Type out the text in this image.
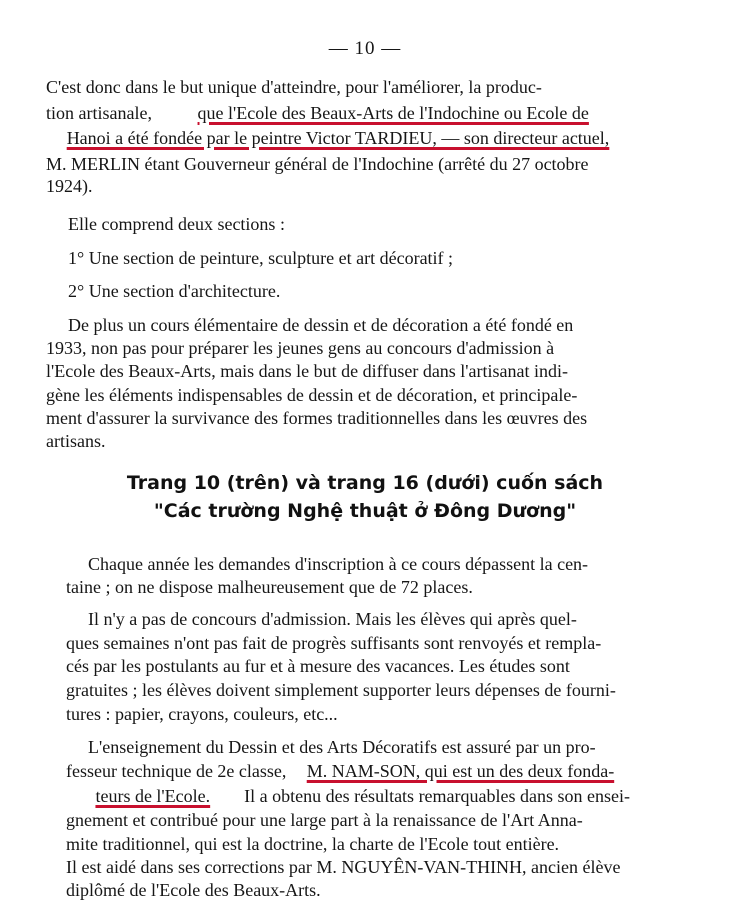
— 10 —
C'est donc dans le but unique d'atteindre, pour l'améliorer, la produc-
tion artisanale, que l'Ecole des Beaux-Arts de l'Indochine ou Ecole de
Hanoi a été fondée par le peintre Victor TARDIEU, — son directeur actuel,
M. MERLIN étant Gouverneur général de l'Indochine (arrêté du 27 octobre
1924).
Elle comprend deux sections :
1° Une section de peinture, sculpture et art décoratif ;
2° Une section d'architecture.
De plus un cours élémentaire de dessin et de décoration a été fondé en
1933, non pas pour préparer les jeunes gens au concours d'admission à
l'Ecole des Beaux-Arts, mais dans le but de diffuser dans l'artisanat indi-
gène les éléments indispensables de dessin et de décoration, et principale-
ment d'assurer la survivance des formes traditionnelles dans les œuvres des
artisans.
Trang 10 (trên) và trang 16 (dưới) cuốn sách
"Các trường Nghệ thuật ở Đông Dương"
Chaque année les demandes d'inscription à ce cours dépassent la cen-
taine ; on ne dispose malheureusement que de 72 places.
Il n'y a pas de concours d'admission. Mais les élèves qui après quel-
ques semaines n'ont pas fait de progrès suffisants sont renvoyés et rempla-
cés par les postulants au fur et à mesure des vacances. Les études sont
gratuites ; les élèves doivent simplement supporter leurs dépenses de fourni-
tures : papier, crayons, couleurs, etc...
L'enseignement du Dessin et des Arts Décoratifs est assuré par un pro-
fesseur technique de 2e classe, M. NAM-SON, qui est un des deux fonda-
teurs de l'Ecole. Il a obtenu des résultats remarquables dans son ensei-
gnement et contribué pour une large part à la renaissance de l'Art Anna-
mite traditionnel, qui est la doctrine, la charte de l'Ecole tout entière.
Il est aidé dans ses corrections par M. NGUYÊN-VAN-THINH, ancien élève
diplômé de l'Ecole des Beaux-Arts.
